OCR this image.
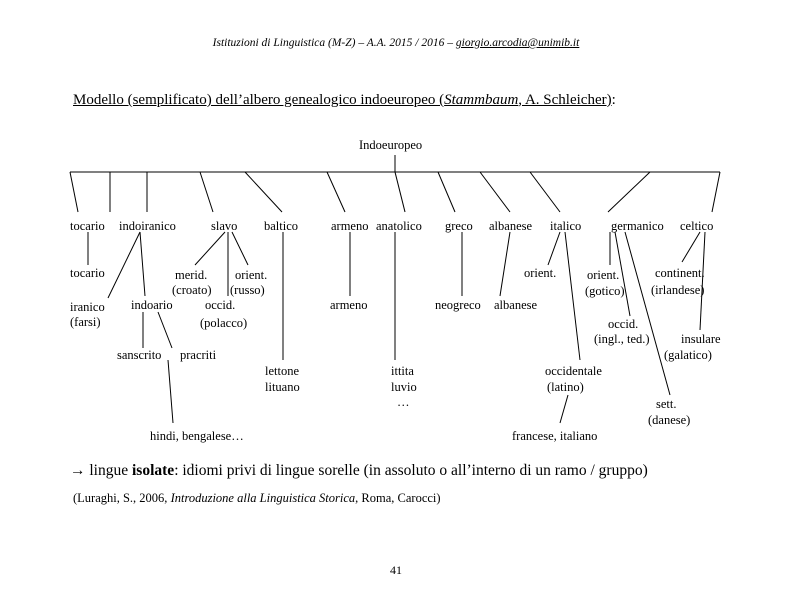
Istituzioni di Linguistica (M-Z) – A.A. 2015 / 2016 – giorgio.arcodia@unimib.it
Modello (semplificato) dell’albero genealogico indoeuropeo (Stammbaum, A. Schleicher):
Indoeuropeo
tocario indoiranico	slavo baltico	armeno anatolico greco albanese italico germanico celtico
tocario
iranico
(farsi)
merid.
(croato)
orient.
(russo)
occid.
(polacco)
indoario
sanscrito pracriti
hindi, bengalese…
lettone
lituano
armeno
ittita
luvio
…
neogreco albanese
orient.
occidentale
(latino)
francese, italiano
orient.
(gotico)
occid.
(ingl., ted.)
sett.
(danese)
continent.
(irlandese)
insulare
(galatico)
→ lingue isolate: idiomi privi di lingue sorelle (in assoluto o all’interno di un ramo / gruppo)
(Luraghi, S., 2006, Introduzione alla Linguistica Storica, Roma, Carocci)
41
